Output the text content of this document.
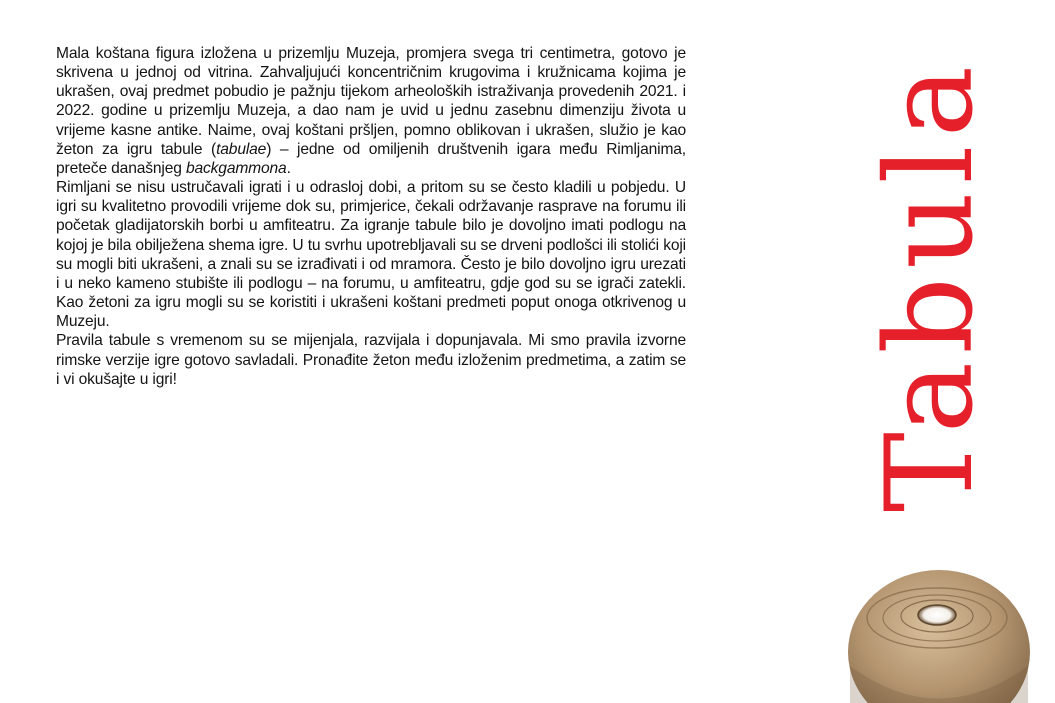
Mala koštana figura izložena u prizemlju Muzeja, promjera svega tri centimetra, gotovo je skrivena u jednoj od vitrina. Zahvaljujući koncentričnim krugovima i kružnicama kojima je ukrašen, ovaj predmet pobudio je pažnju tijekom arheoloških istraživanja provedenih 2021. i 2022. godine u prizemlju Muzeja, a dao nam je uvid u jednu zasebnu dimenziju života u vrijeme kasne antike. Naime, ovaj koštani pršljen, pomno oblikovan i ukrašen, služio je kao žeton za igru tabule (tabulae) – jedne od omiljenih društvenih igara među Rimljanima, preteče današnjeg backgammona.

Rimljani se nisu ustručavali igrati i u odrasloj dobi, a pritom su se često kladili u pobjedu. U igri su kvalitetno provodili vrijeme dok su, primjerice, čekali održavanje rasprave na forumu ili početak gladijatorskih borbi u amfiteatru. Za igranje tabule bilo je dovoljno imati podlogu na kojoj je bila obilježena shema igre. U tu svrhu upotrebljavali su se drveni podlošci ili stolići koji su mogli biti ukrašeni, a znali su se izrađivati i od mramora. Često je bilo dovoljno igru urezati i u neko kameno stubište ili podlogu – na forumu, u amfiteatru, gdje god su se igrači zatekli. Kao žetoni za igru mogli su se koristiti i ukrašeni koštani predmeti poput onoga otkrivenog u Muzeju.

Pravila tabule s vremenom su se mijenjala, razvijala i dopunjavala. Mi smo pravila izvorne rimske verzije igre gotovo savladali. Pronađite žeton među izloženim predmetima, a zatim se i vi okušajte u igri!	Tabula
